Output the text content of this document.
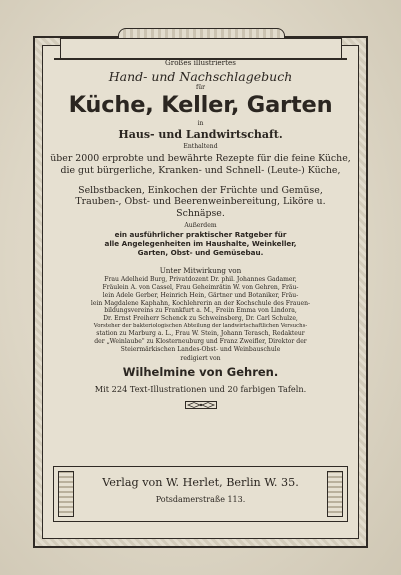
Großes illustriertes

Hand- und Nachschlagebuch

für

Küche, Keller, Garten

in

Haus- und Landwirtschaft.

Enthaltend

über 2000 erprobte und bewährte Rezepte für die feine Küche,

die gut bürgerliche, Kranken- und Schnell- (Leute-) Küche,

Selbstbacken, Einkochen der Früchte und Gemüse,

Trauben-, Obst- und Beerenweinbereitung, Liköre u. Schnäpse.

Außerdem

ein ausführlicher praktischer Ratgeber für

alle Angelegenheiten im Haushalte, Weinkeller,

Garten, Obst- und Gemüsebau.

Unter Mitwirkung von

Frau Adelheid Burg, Privatdozent Dr. phil. Johannes Gadamer,

Fräulein A. von Cassel, Frau Geheimrätin W. von Gehren, Fräu-

lein Adele Gerber, Heinrich Hein, Gärtner und Botaniker, Fräu-

lein Magdalene Kaphahn, Kochlehrerin an der Kochschule des Frauen-

bildungsvereins zu Frankfurt a. M., Freiin Emma von Lindora,

Dr. Ernst Freiherr Schenck zu Schweinsberg, Dr. Carl Schulze,

Vorsteher der bakteriologischen Abteilung der landwirtschaftlichen Versuchs-

station zu Marburg a. L., Frau W. Stein, Johann Terasch, Redakteur

der „Weinlaube" zu Klosterneuburg und Franz Zweifler, Direktor der

Steiermärkischen Landes-Obst- und Weinbauschule

redigiert von

Wilhelmine von Gehren.

Mit 224 Text-Illustrationen und 20 farbigen Tafeln.

Verlag von W. Herlet, Berlin W. 35.

Potsdamerstraße 113.
